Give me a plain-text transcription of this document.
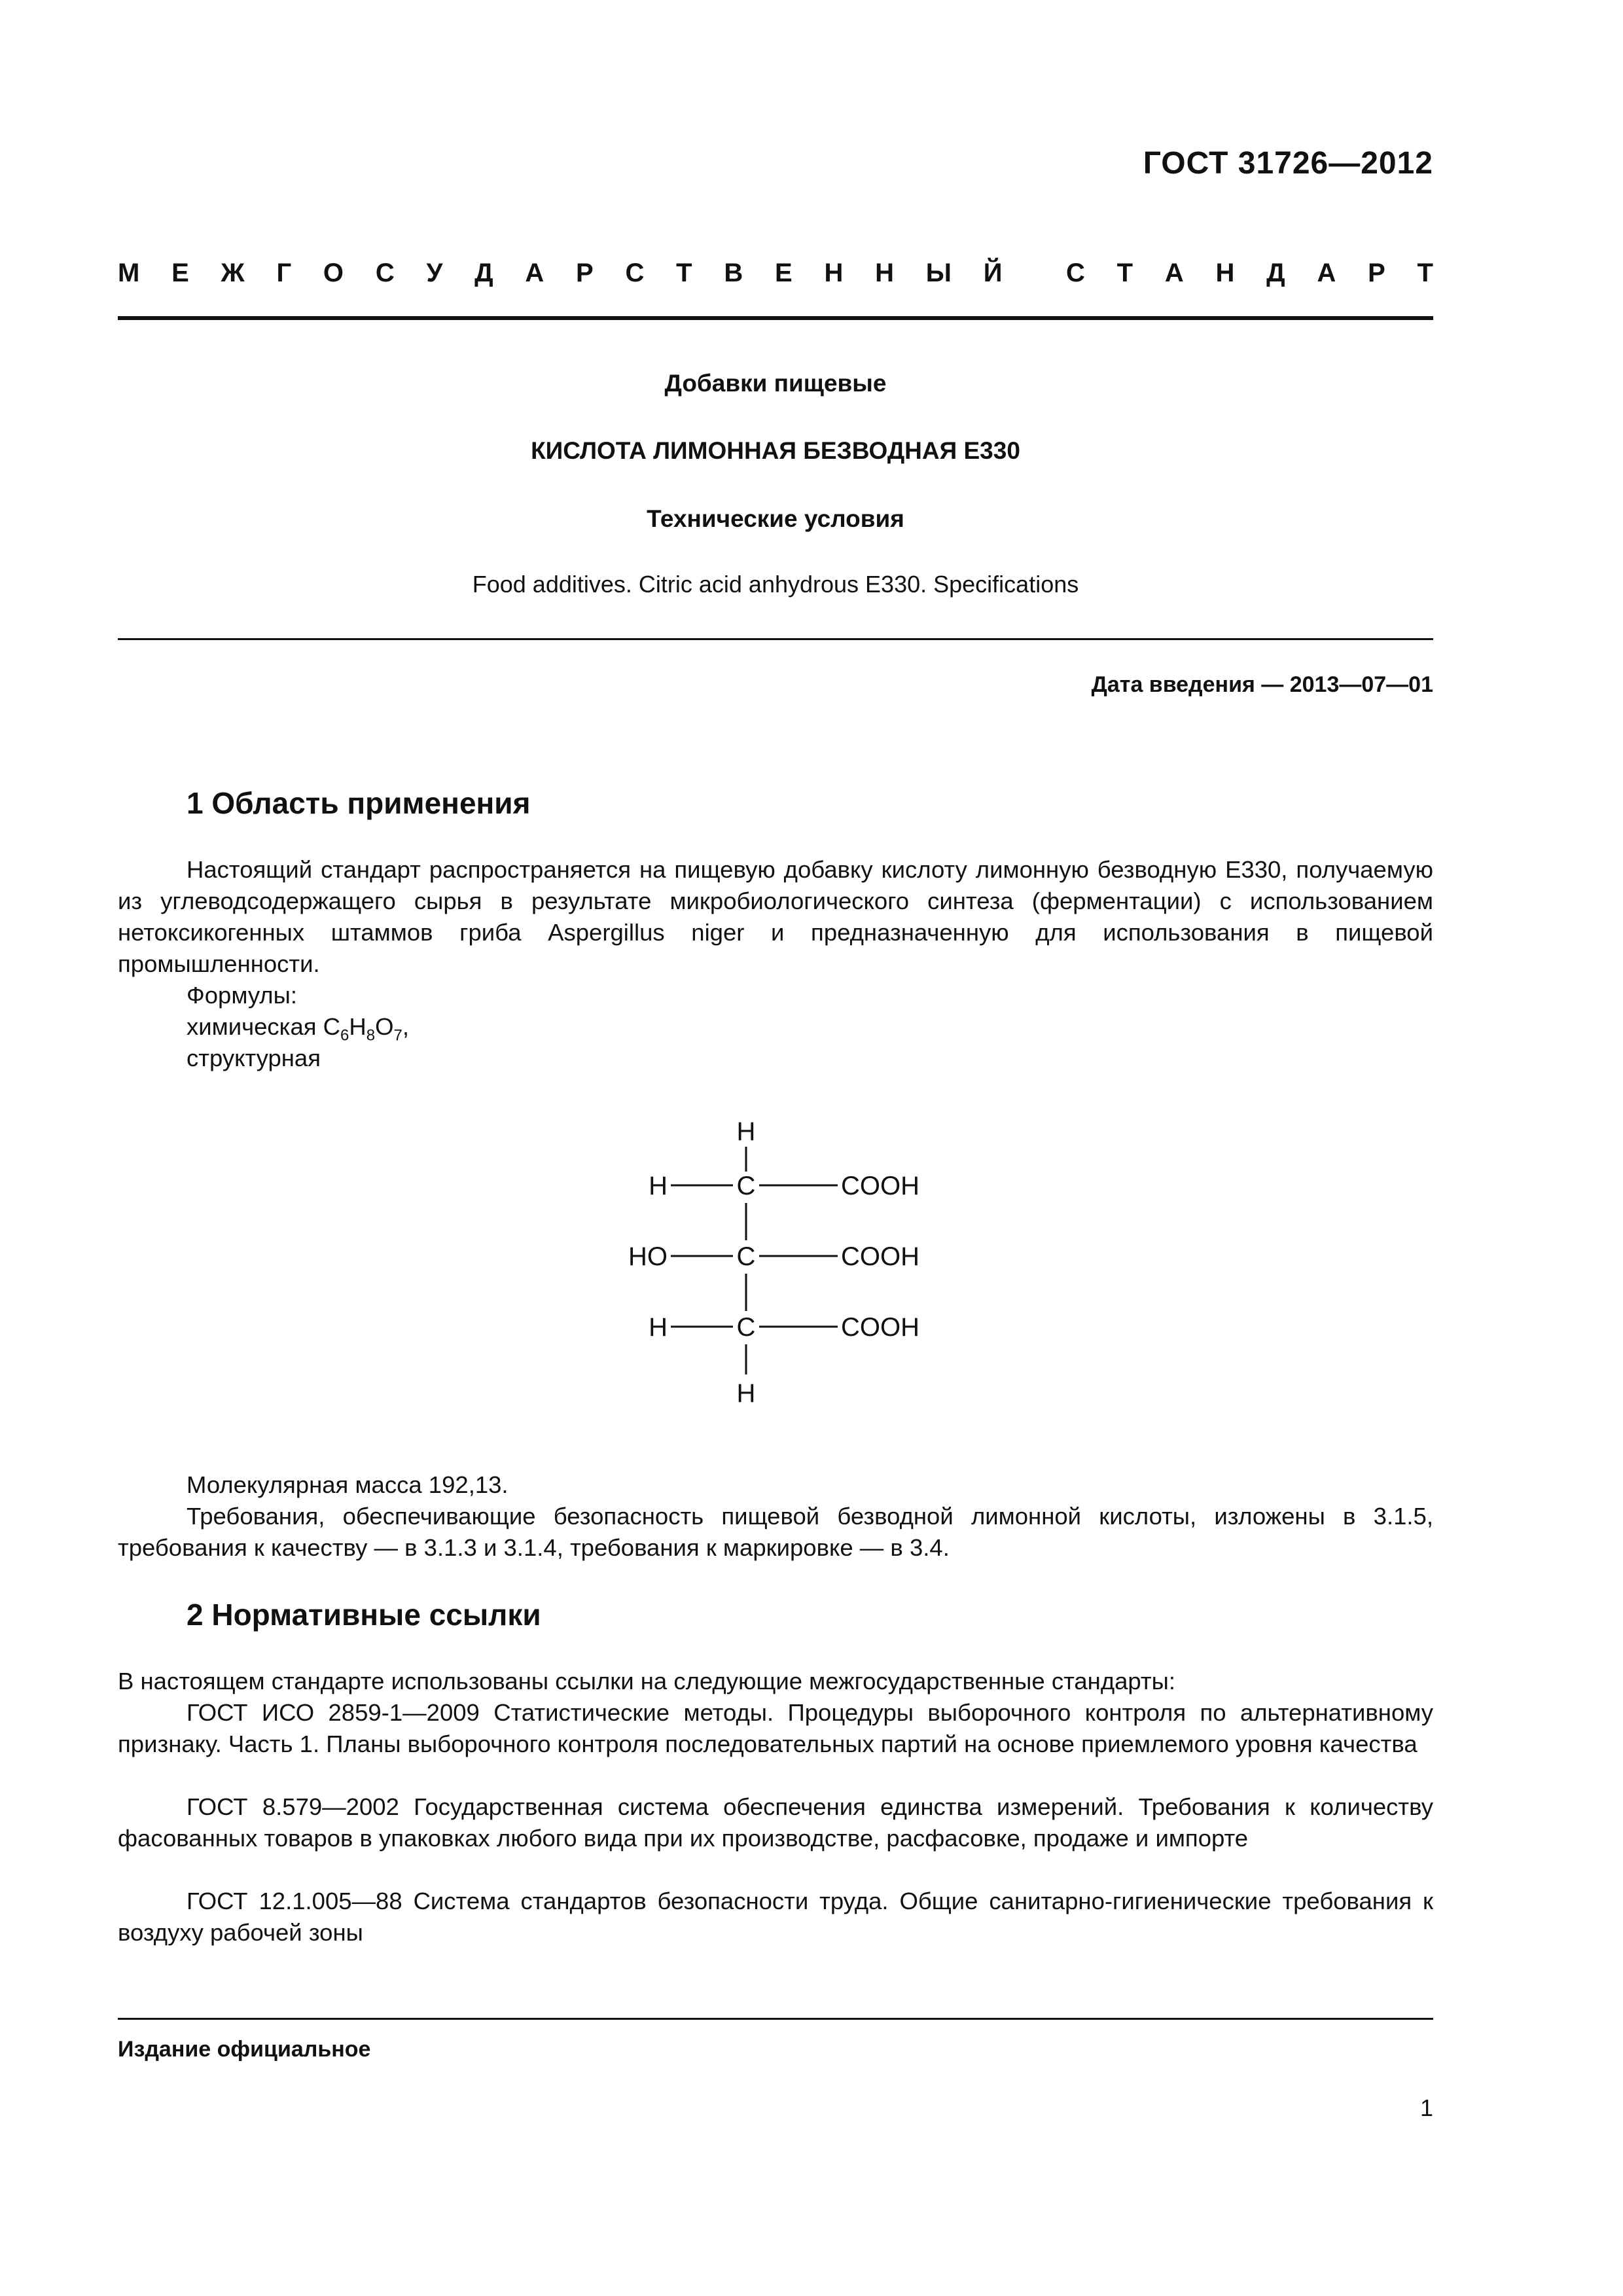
ГОСТ 31726—2012
М Е Ж Г О С У Д А Р С Т В Е Н Н Ы Й С Т А Н Д А Р Т
Добавки пищевые
КИСЛОТА ЛИМОННАЯ БЕЗВОДНАЯ Е330
Технические условия
Food additives. Citric acid anhydrous E330. Specifications
Дата введения — 2013—07—01
1 Область применения

Настоящий стандарт распространяется на пищевую добавку кислоту лимонную безводную Е330, получаемую из углеводсодержащего сырья в результате микробиологического синтеза (ферментации) с использованием нетоксикогенных штаммов гриба Aspergillus niger и предназначенную для использования в пищевой промышленности.

Формулы:
химическая $C_6H_8O_7$,
структурная
H
H	C	COOH
HO	C	COOH
H	C	COOH
H
Молекулярная масса 192,13.

Требования, обеспечивающие безопасность пищевой безводной лимонной кислоты, изложены в 3.1.5, требования к качеству — в 3.1.3 и 3.1.4, требования к маркировке — в 3.4.

2 Нормативные ссылки
В настоящем стандарте использованы ссылки на следующие межгосударственные стандарты:

ГОСТ ИСО 2859-1—2009 Статистические методы. Процедуры выборочного контроля по альтернативному признаку. Часть 1. Планы выборочного контроля последовательных партий на основе приемлемого уровня качества

ГОСТ 8.579—2002 Государственная система обеспечения единства измерений. Требования к количеству фасованных товаров в упаковках любого вида при их производстве, расфасовке, продаже и импорте

ГОСТ 12.1.005—88 Система стандартов безопасности труда. Общие санитарно-гигиенические требования к воздуху рабочей зоны

Издание официальное
1
